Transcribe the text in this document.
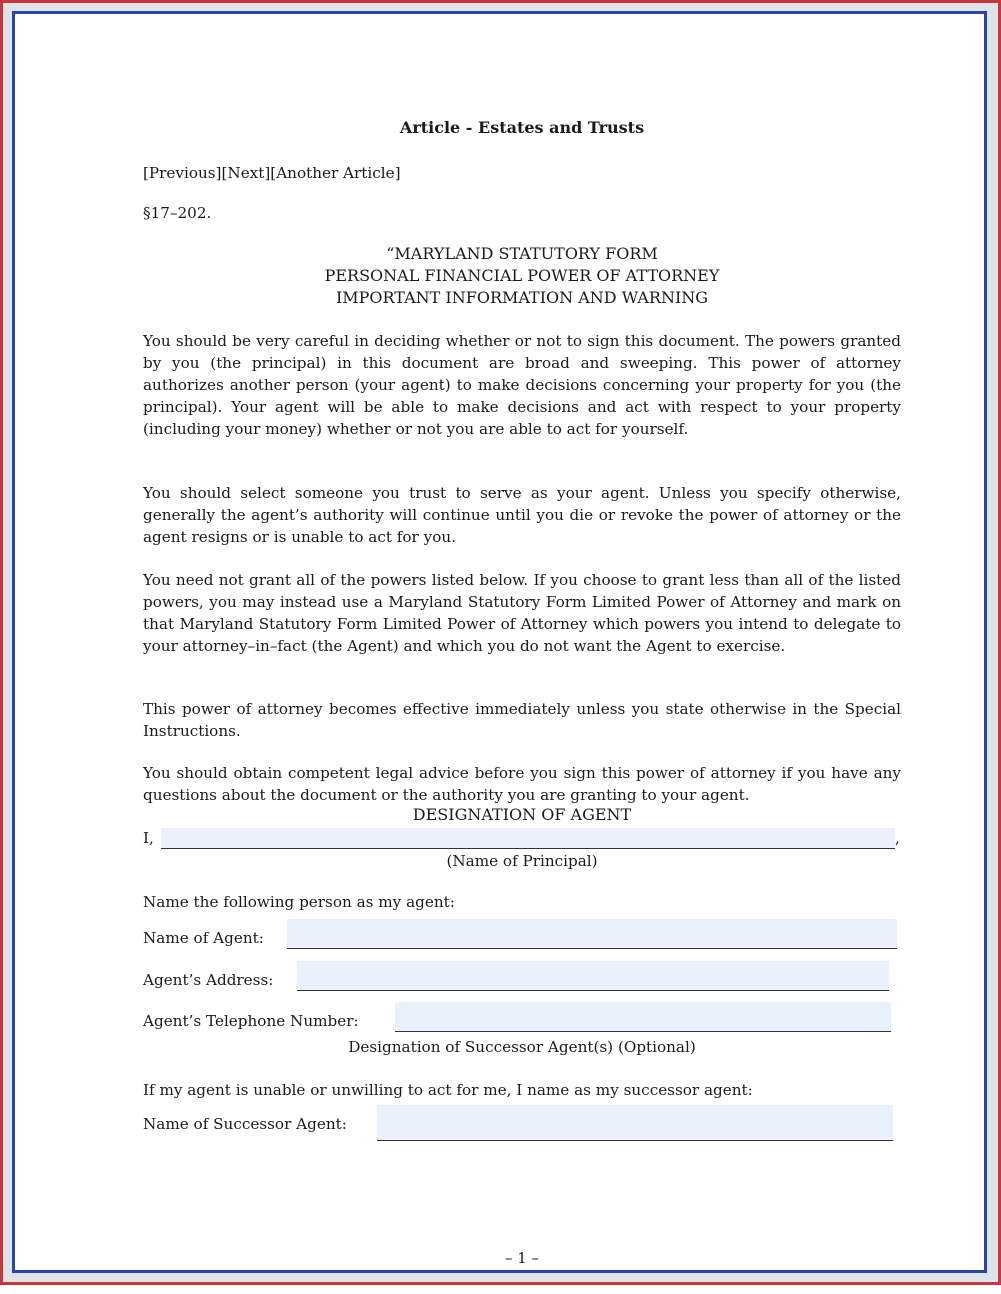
Article - Estates and Trusts
[Previous][Next][Another Article]
§17–202.
“MARYLAND STATUTORY FORM
PERSONAL FINANCIAL POWER OF ATTORNEY
IMPORTANT INFORMATION AND WARNING
You should be very careful in deciding whether or not to sign this document. The powers granted by you (the principal) in this document are broad and sweeping. This power of attorney authorizes another person (your agent) to make decisions concerning your property for you (the principal). Your agent will be able to make decisions and act with respect to your property (including your money) whether or not you are able to act for yourself.
You should select someone you trust to serve as your agent. Unless you specify otherwise, generally the agent’s authority will continue until you die or revoke the power of attorney or the agent resigns or is unable to act for you.
You need not grant all of the powers listed below. If you choose to grant less than all of the listed powers, you may instead use a Maryland Statutory Form Limited Power of Attorney and mark on that Maryland Statutory Form Limited Power of Attorney which powers you intend to delegate to your attorney–in–fact (the Agent) and which you do not want the Agent to exercise.
This power of attorney becomes effective immediately unless you state otherwise in the Special Instructions.
You should obtain competent legal advice before you sign this power of attorney if you have any questions about the document or the authority you are granting to your agent.
DESIGNATION OF AGENT
I,	,
(Name of Principal)
Name the following person as my agent:
Name of Agent:
Agent’s Address:
Agent’s Telephone Number:
Designation of Successor Agent(s) (Optional)
If my agent is unable or unwilling to act for me, I name as my successor agent:
Name of Successor Agent:
– 1 –
